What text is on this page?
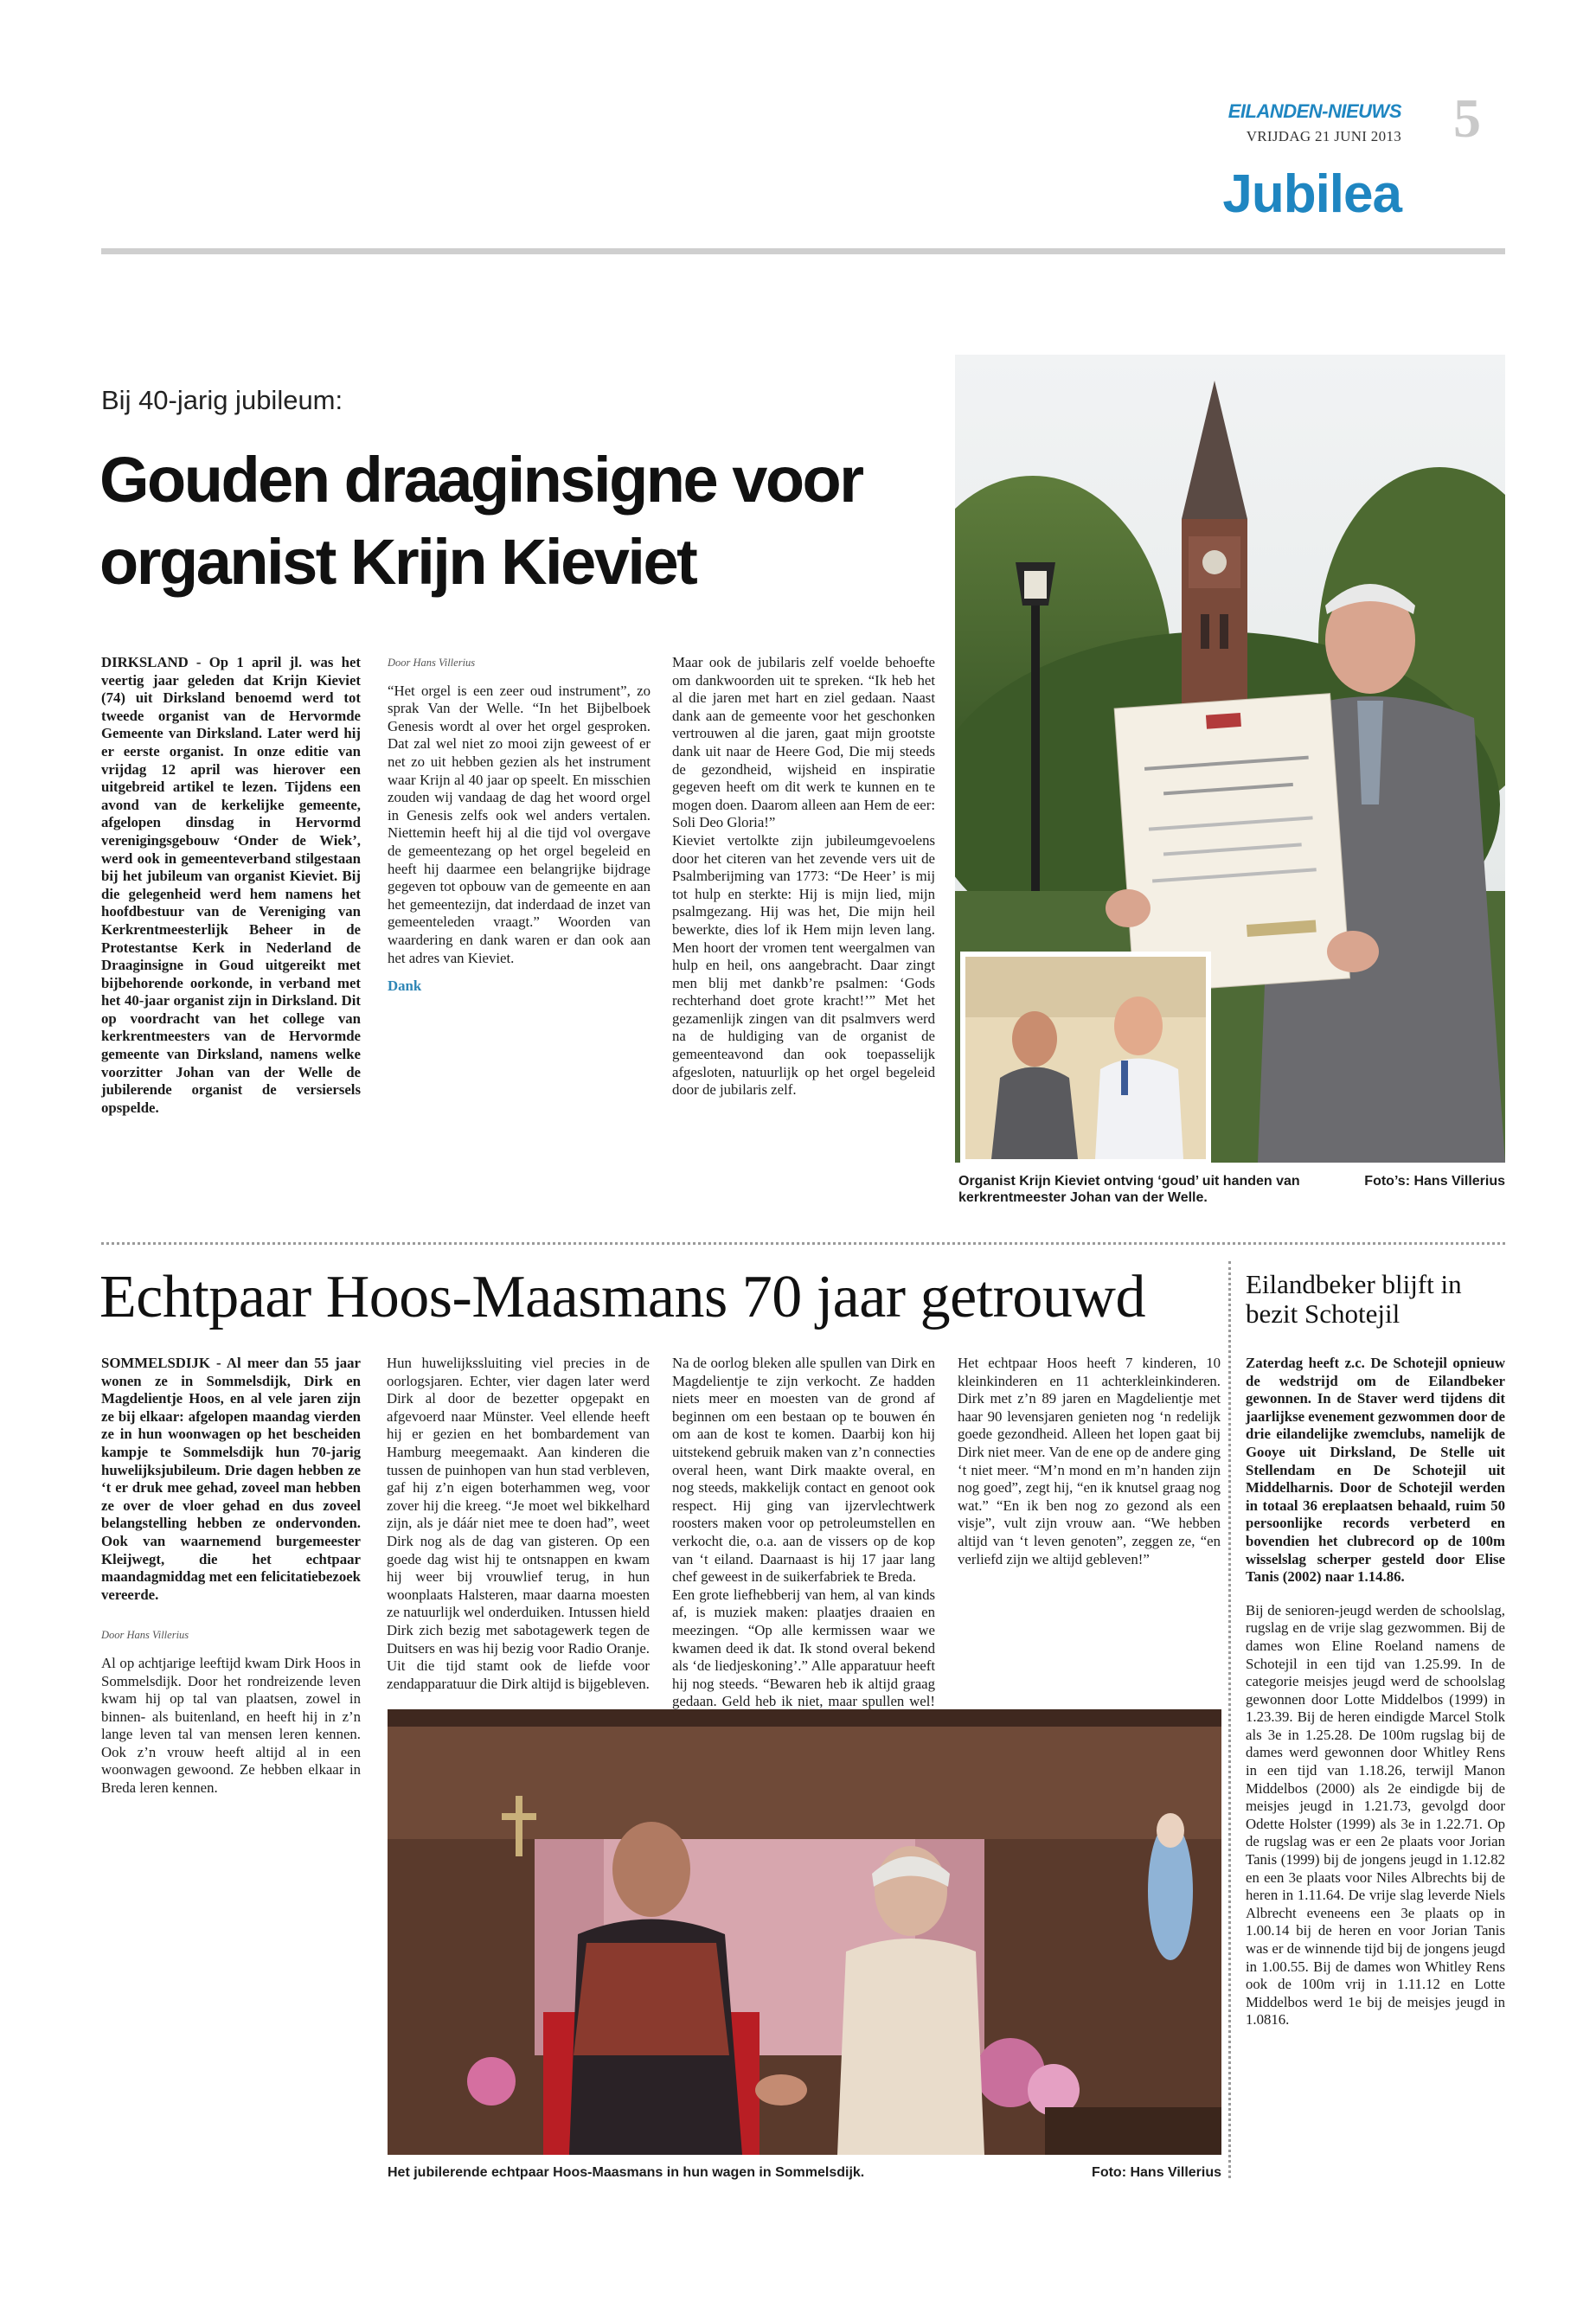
EILANDEN-NIEUWS
VRIJDAG 21 JUNI 2013 5
Jubilea
Bij 40-jarig jubileum:
Gouden draaginsigne voor
organist Krijn Kieviet

DIRKSLAND - Op 1 april jl. was het veertig jaar geleden dat Krijn Kieviet (74) uit Dirksland benoemd werd tot tweede organist van de Hervormde Gemeente van Dirksland. Later werd hij er eerste organist. In onze editie van vrijdag 12 april was hierover een uitgebreid artikel te lezen. Tijdens een avond van de kerkelijke gemeente, afgelopen dinsdag in Hervormd verenigingsgebouw ‘Onder de Wiek’, werd ook in gemeenteverband stilgestaan bij het jubileum van organist Kieviet. Bij die gelegenheid werd hem namens het hoofdbestuur van de Vereniging van Kerkrentmeesterlijk Beheer in de Protestantse Kerk in Nederland de Draaginsigne in Goud uitgereikt met bijbehorende oorkonde, in verband met het 40-jaar organist zijn in Dirksland. Dit op voordracht van het college van kerkrentmeesters van de Hervormde gemeente van Dirksland, namens welke voorzitter Johan van der Welle de jubilerende organist de versiersels opspelde.

Door Hans Villerius

“Het orgel is een zeer oud instrument”, zo sprak Van der Welle. “In het Bijbelboek Genesis wordt al over het orgel gesproken. Dat zal wel niet zo mooi zijn geweest of er net zo uit hebben gezien als het instrument waar Krijn al 40 jaar op speelt. En misschien zouden wij vandaag de dag het woord orgel in Genesis zelfs ook wel anders vertalen. Niettemin heeft hij al die tijd vol overgave de gemeentezang op het orgel begeleid en heeft hij daarmee een belangrijke bijdrage gegeven tot opbouw van de gemeente en aan het gemeentezijn, dat inderdaad de inzet van gemeenteleden vraagt.” Woorden van waardering en dank waren er dan ook aan het adres van Kieviet.

Dank

Maar ook de jubilaris zelf voelde behoefte om dankwoorden uit te spreken. “Ik heb het al die jaren met hart en ziel gedaan. Naast dank aan de gemeente voor het geschonken vertrouwen al die jaren, gaat mijn grootste dank uit naar de Heere God, Die mij steeds de gezondheid, wijsheid en inspiratie gegeven heeft om dit werk te kunnen en te mogen doen. Daarom alleen aan Hem de eer: Soli Deo Gloria!”

Kieviet vertolkte zijn jubileumgevoelens door het citeren van het zevende vers uit de Psalmberijming van 1773: “De Heer’ is mij tot hulp en sterkte: Hij is mijn lied, mijn psalmgezang. Hij was het, Die mijn heil bewerkte, dies lof ik Hem mijn leven lang. Men hoort der vromen tent weergalmen van hulp en heil, ons aangebracht. Daar zingt men blij met dankb’re psalmen: ‘Gods rechterhand doet grote kracht!’” Met het gezamenlijk zingen van dit psalmvers werd na de huldiging van de organist de gemeenteavond dan ook toepasselijk afgesloten, natuurlijk op het orgel begeleid door de jubilaris zelf.

Organist Krijn Kieviet ontving ‘goud’ uit handen van kerkrentmeester Johan van der Welle.
Foto’s: Hans Villerius
Echtpaar Hoos-Maasmans 70 jaar getrouwd

SOMMELSDIJK - Al meer dan 55 jaar wonen ze in Sommelsdijk, Dirk en Magdelientje Hoos, en al vele jaren zijn ze bij elkaar: afgelopen maandag vierden ze in hun woonwagen op het bescheiden kampje te Sommelsdijk hun 70-jarig huwelijksjubileum. Drie dagen hebben ze ‘t er druk mee gehad, zoveel man hebben ze over de vloer gehad en dus zoveel belangstelling hebben ze ondervonden. Ook van waarnemend burgemeester Kleijwegt, die het echtpaar maandagmiddag met een felicitatiebezoek vereerde.

Door Hans Villerius

Al op achtjarige leeftijd kwam Dirk Hoos in Sommelsdijk. Door het rondreizende leven kwam hij op tal van plaatsen, zowel in binnen- als buitenland, en heeft hij in z’n lange leven tal van mensen leren kennen. Ook z’n vrouw heeft altijd al in een woonwagen gewoond. Ze hebben elkaar in Breda leren kennen.

Hun huwelijkssluiting viel precies in de oorlogsjaren. Echter, vier dagen later werd Dirk al door de bezetter opgepakt en afgevoerd naar Münster. Veel ellende heeft hij er gezien en het bombardement van Hamburg meegemaakt. Aan kinderen die tussen de puinhopen van hun stad verbleven, gaf hij z’n eigen boterhammen weg, voor zover hij die kreeg. “Je moet wel bikkelhard zijn, als je dáár niet mee te doen had”, weet Dirk nog als de dag van gisteren. Op een goede dag wist hij te ontsnappen en kwam hij weer bij vrouwlief terug, in hun woonplaats Halsteren, maar daarna moesten ze natuurlijk wel onderduiken. Intussen hield Dirk zich bezig met sabotagewerk tegen de Duitsers en was hij bezig voor Radio Oranje. Uit die tijd stamt ook de liefde voor zendapparatuur die Dirk altijd is bijgebleven.

Na de oorlog bleken alle spullen van Dirk en Magdelientje te zijn verkocht. Ze hadden niets meer en moesten van de grond af beginnen om een bestaan op te bouwen én om aan de kost te komen. Daarbij kon hij uitstekend gebruik maken van z’n connecties overal heen, want Dirk maakte overal, en nog steeds, makkelijk contact en genoot ook respect. Hij ging van ijzervlechtwerk roosters maken voor op petroleumstellen en verkocht die, o.a. aan de vissers op de kop van ‘t eiland. Daarnaast is hij 17 jaar lang chef geweest in de suikerfabriek te Breda.

Een grote liefhebberij van hem, al van kinds af, is muziek maken: plaatjes draaien en meezingen. “Op alle kermissen waar we kwamen deed ik dat. Ik stond overal bekend als ‘de liedjeskoning’.” Alle apparatuur heeft hij nog steeds. “Bewaren heb ik altijd graag gedaan. Geld heb ik niet, maar spullen wel!

Het echtpaar Hoos heeft 7 kinderen, 10 kleinkinderen en 11 achterkleinkinderen. Dirk met z’n 89 jaren en Magdelientje met haar 90 levensjaren genieten nog ‘n redelijk goede gezondheid. Alleen het lopen gaat bij Dirk niet meer. Van de ene op de andere ging ‘t niet meer. “M’n mond en m’n handen zijn nog goed”, zegt hij, “en ik knutsel graag nog wat.” “En ik ben nog zo gezond als een visje”, vult zijn vrouw aan. “We hebben altijd van ‘t leven genoten”, zeggen ze, “en verliefd zijn we altijd gebleven!”

Het jubilerende echtpaar Hoos-Maasmans in hun wagen in Sommelsdijk.	Foto: Hans Villerius
Eilandbeker blijft in bezit Schotejil

Zaterdag heeft z.c. De Schotejil opnieuw de wedstrijd om de Eilandbeker gewonnen. In de Staver werd tijdens dit jaarlijkse evenement gezwommen door de drie eilandelijke zwemclubs, namelijk de Gooye uit Dirksland, De Stelle uit Stellendam en De Schotejil uit Middelharnis. Door de Schotejil werden in totaal 36 ereplaatsen behaald, ruim 50 persoonlijke records verbeterd en bovendien het clubrecord op de 100m wisselslag scherper gesteld door Elise Tanis (2002) naar 1.14.86.

Bij de senioren-jeugd werden de schoolslag, rugslag en de vrije slag gezwommen. Bij de dames won Eline Roeland namens de Schotejil in een tijd van 1.25.99. In de categorie meisjes jeugd werd de schoolslag gewonnen door Lotte Middelbos (1999) in 1.23.39. Bij de heren eindigde Marcel Stolk als 3e in 1.25.28. De 100m rugslag bij de dames werd gewonnen door Whitley Rens in een tijd van 1.18.26, terwijl Manon Middelbos (2000) als 2e eindigde bij de meisjes jeugd in 1.21.73, gevolgd door Odette Holster (1999) als 3e in 1.22.71. Op de rugslag was er een 2e plaats voor Jorian Tanis (1999) bij de jongens jeugd in 1.12.82 en een 3e plaats voor Niles Albrechts bij de heren in 1.11.64. De vrije slag leverde Niels Albrecht eveneens een 3e plaats op in 1.00.14 bij de heren en voor Jorian Tanis was er de winnende tijd bij de jongens jeugd in 1.00.55. Bij de dames won Whitley Rens ook de 100m vrij in 1.11.12 en Lotte Middelbos werd 1e bij de meisjes jeugd in 1.0816.
